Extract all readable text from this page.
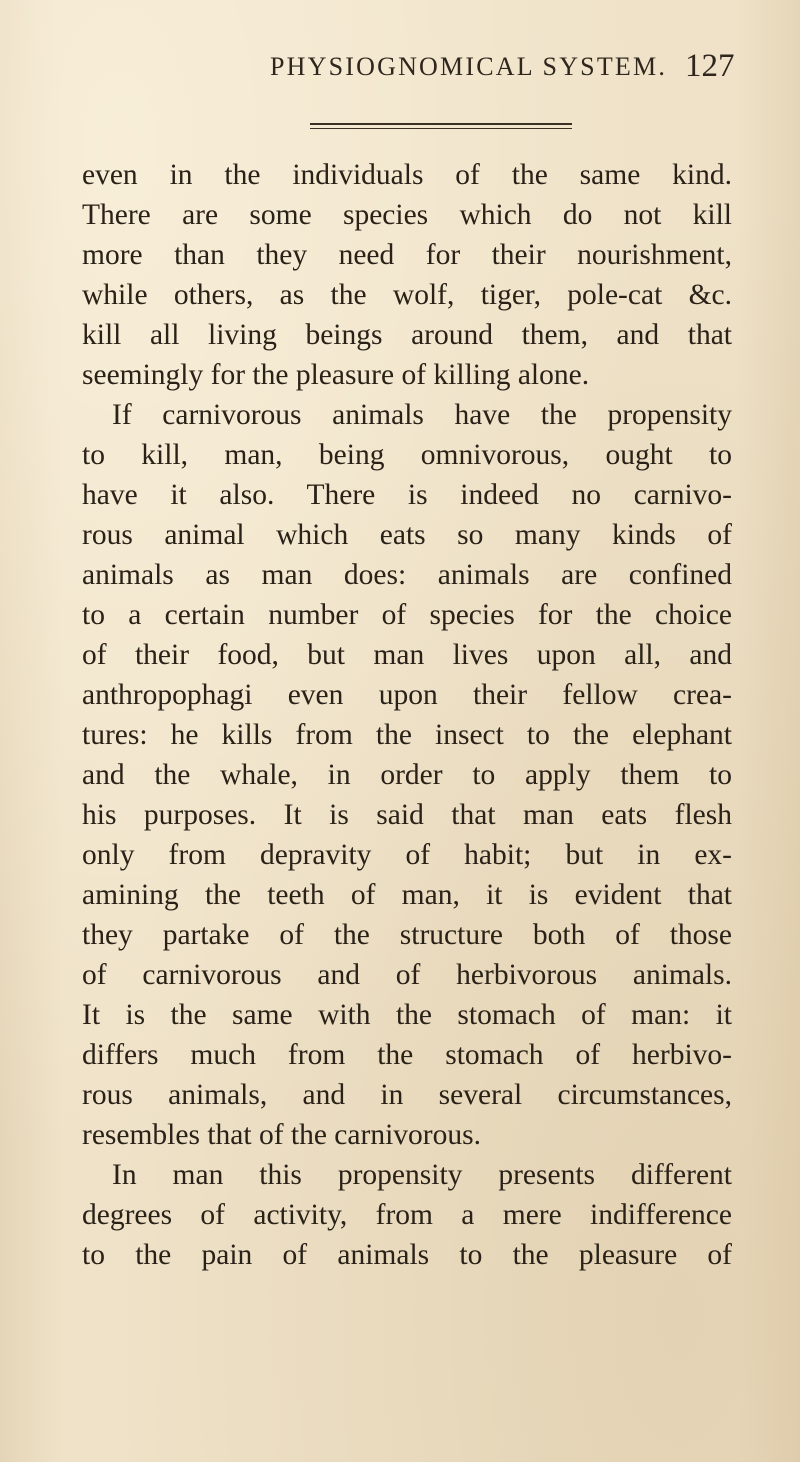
PHYSIOGNOMICAL SYSTEM. 127
even in the individuals of the same kind.
There are some species which do not kill
more than they need for their nourishment,
while others, as the wolf, tiger, pole-cat &c.
kill all living beings around them, and that
seemingly for the pleasure of killing alone.
If carnivorous animals have the propensity
to kill, man, being omnivorous, ought to
have it also. There is indeed no carnivo-
rous animal which eats so many kinds of
animals as man does: animals are confined
to a certain number of species for the choice
of their food, but man lives upon all, and
anthropophagi even upon their fellow crea-
tures: he kills from the insect to the elephant
and the whale, in order to apply them to
his purposes. It is said that man eats flesh
only from depravity of habit; but in ex-
amining the teeth of man, it is evident that
they partake of the structure both of those
of carnivorous and of herbivorous animals.
It is the same with the stomach of man: it
differs much from the stomach of herbivo-
rous animals, and in several circumstances,
resembles that of the carnivorous.
In man this propensity presents different
degrees of activity, from a mere indifference
to the pain of animals to the pleasure of
